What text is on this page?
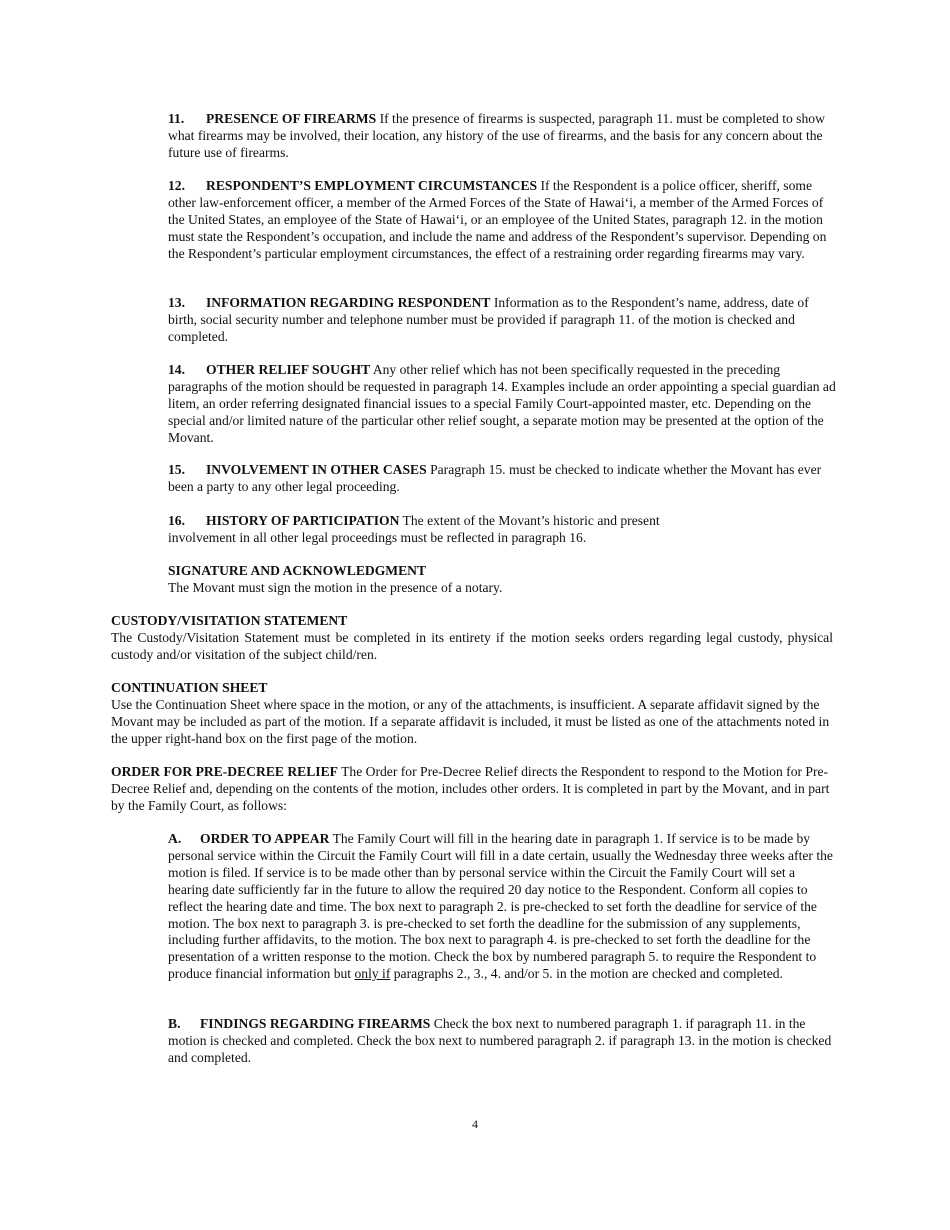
11. PRESENCE OF FIREARMS If the presence of firearms is suspected, paragraph 11. must be completed to show what firearms may be involved, their location, any history of the use of firearms, and the basis for any concern about the future use of firearms.

12. RESPONDENT’S EMPLOYMENT CIRCUMSTANCES If the Respondent is a police officer, sheriff, some other law-enforcement officer, a member of the Armed Forces of the State of Hawai‘i, a member of the Armed Forces of the United States, an employee of the State of Hawai‘i, or an employee of the United States, paragraph 12. in the motion must state the Respondent’s occupation, and include the name and address of the Respondent’s supervisor. Depending on the Respondent’s particular employment circumstances, the effect of a restraining order regarding firearms may vary.

13. INFORMATION REGARDING RESPONDENT Information as to the Respondent’s name, address, date of birth, social security number and telephone number must be provided if paragraph 11. of the motion is checked and completed.

14. OTHER RELIEF SOUGHT Any other relief which has not been specifically requested in the preceding paragraphs of the motion should be requested in paragraph 14. Examples include an order appointing a special guardian ad litem, an order referring designated financial issues to a special Family Court-appointed master, etc. Depending on the special and/or limited nature of the particular other relief sought, a separate motion may be presented at the option of the Movant.

15. INVOLVEMENT IN OTHER CASES Paragraph 15. must be checked to indicate whether the Movant has ever been a party to any other legal proceeding.

16. HISTORY OF PARTICIPATION The extent of the Movant’s historic and present
involvement in all other legal proceedings must be reflected in paragraph 16.

SIGNATURE AND ACKNOWLEDGMENT
The Movant must sign the motion in the presence of a notary.

CUSTODY/VISITATION STATEMENT
The Custody/Visitation Statement must be completed in its entirety if the motion seeks orders regarding legal custody, physical custody and/or visitation of the subject child/ren.

CONTINUATION SHEET
Use the Continuation Sheet where space in the motion, or any of the attachments, is insufficient. A separate affidavit signed by the Movant may be included as part of the motion. If a separate affidavit is included, it must be listed as one of the attachments noted in the upper right-hand box on the first page of the motion.

ORDER FOR PRE-DECREE RELIEF The Order for Pre-Decree Relief directs the Respondent to respond to the Motion for Pre-Decree Relief and, depending on the contents of the motion, includes other orders. It is completed in part by the Movant, and in part by the Family Court, as follows:

A. ORDER TO APPEAR The Family Court will fill in the hearing date in paragraph 1. If service is to be made by personal service within the Circuit the Family Court will fill in a date certain, usually the Wednesday three weeks after the motion is filed. If service is to be made other than by personal service within the Circuit the Family Court will set a hearing date sufficiently far in the future to allow the required 20 day notice to the Respondent. Conform all copies to reflect the hearing date and time. The box next to paragraph 2. is pre-checked to set forth the deadline for service of the motion. The box next to paragraph 3. is pre-checked to set forth the deadline for the submission of any supplements, including further affidavits, to the motion. The box next to paragraph 4. is pre-checked to set forth the deadline for the presentation of a written response to the motion. Check the box by numbered paragraph 5. to require the Respondent to produce financial information but only if paragraphs 2., 3., 4. and/or 5. in the motion are checked and completed.

B. FINDINGS REGARDING FIREARMS Check the box next to numbered paragraph 1. if paragraph 11. in the motion is checked and completed. Check the box next to numbered paragraph 2. if paragraph 13. in the motion is checked and completed.

4
